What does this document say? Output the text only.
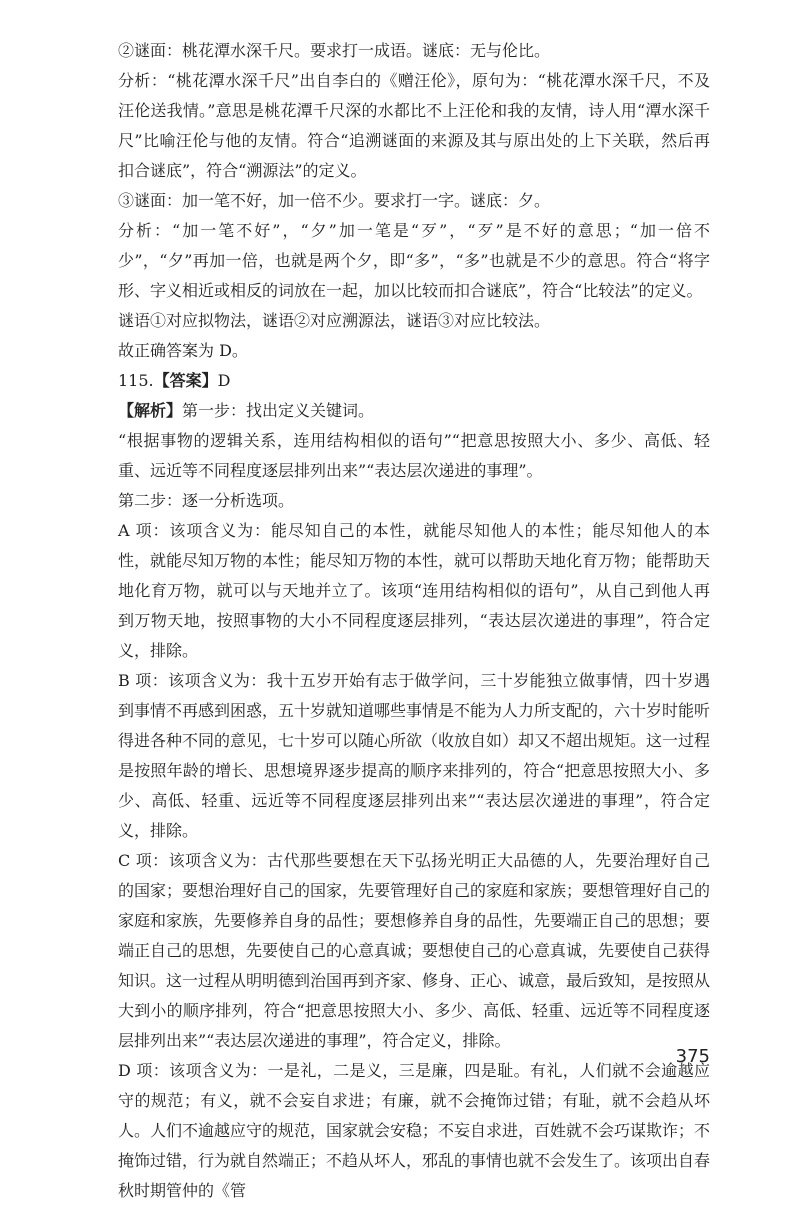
②谜面：桃花潭水深千尺。要求打一成语。谜底：无与伦比。

分析：“桃花潭水深千尺”出自李白的《赠汪伦》，原句为：“桃花潭水深千尺，不及汪伦送我情。”意思是桃花潭千尺深的水都比不上汪伦和我的友情，诗人用“潭水深千尺”比喻汪伦与他的友情。符合“追溯谜面的来源及其与原出处的上下关联，然后再扣合谜底”，符合“溯源法”的定义。

③谜面：加一笔不好，加一倍不少。要求打一字。谜底：夕。

分析：“加一笔不好”，“夕”加一笔是“歹”，“歹”是不好的意思；“加一倍不少”，“夕”再加一倍，也就是两个夕，即“多”，“多”也就是不少的意思。符合“将字形、字义相近或相反的词放在一起，加以比较而扣合谜底”，符合“比较法”的定义。

谜语①对应拟物法，谜语②对应溯源法，谜语③对应比较法。

故正确答案为 D。

115.【答案】D

【解析】第一步：找出定义关键词。

“根据事物的逻辑关系，连用结构相似的语句”“把意思按照大小、多少、高低、轻重、远近等不同程度逐层排列出来”“表达层次递进的事理”。

第二步：逐一分析选项。

A 项：该项含义为：能尽知自己的本性，就能尽知他人的本性；能尽知他人的本性，就能尽知万物的本性；能尽知万物的本性，就可以帮助天地化育万物；能帮助天地化育万物，就可以与天地并立了。该项“连用结构相似的语句”，从自己到他人再到万物天地，按照事物的大小不同程度逐层排列，“表达层次递进的事理”，符合定义，排除。

B 项：该项含义为：我十五岁开始有志于做学问，三十岁能独立做事情，四十岁遇到事情不再感到困惑，五十岁就知道哪些事情是不能为人力所支配的，六十岁时能听得进各种不同的意见，七十岁可以随心所欲（收放自如）却又不超出规矩。这一过程是按照年龄的增长、思想境界逐步提高的顺序来排列的，符合“把意思按照大小、多少、高低、轻重、远近等不同程度逐层排列出来”“表达层次递进的事理”，符合定义，排除。

C 项：该项含义为：古代那些要想在天下弘扬光明正大品德的人，先要治理好自己的国家；要想治理好自己的国家，先要管理好自己的家庭和家族；要想管理好自己的家庭和家族，先要修养自身的品性；要想修养自身的品性，先要端正自己的思想；要端正自己的思想，先要使自己的心意真诚；要想使自己的心意真诚，先要使自己获得知识。这一过程从明明德到治国再到齐家、修身、正心、诚意，最后致知，是按照从大到小的顺序排列，符合“把意思按照大小、多少、高低、轻重、远近等不同程度逐层排列出来”“表达层次递进的事理”，符合定义，排除。

D 项：该项含义为：一是礼，二是义，三是廉，四是耻。有礼，人们就不会逾越应守的规范；有义，就不会妄自求进；有廉，就不会掩饰过错；有耻，就不会趋从坏人。人们不逾越应守的规范，国家就会安稳；不妄自求进，百姓就不会巧谋欺诈；不掩饰过错，行为就自然端正；不趋从坏人，邪乱的事情也就不会发生了。该项出自春秋时期管仲的《管

375
